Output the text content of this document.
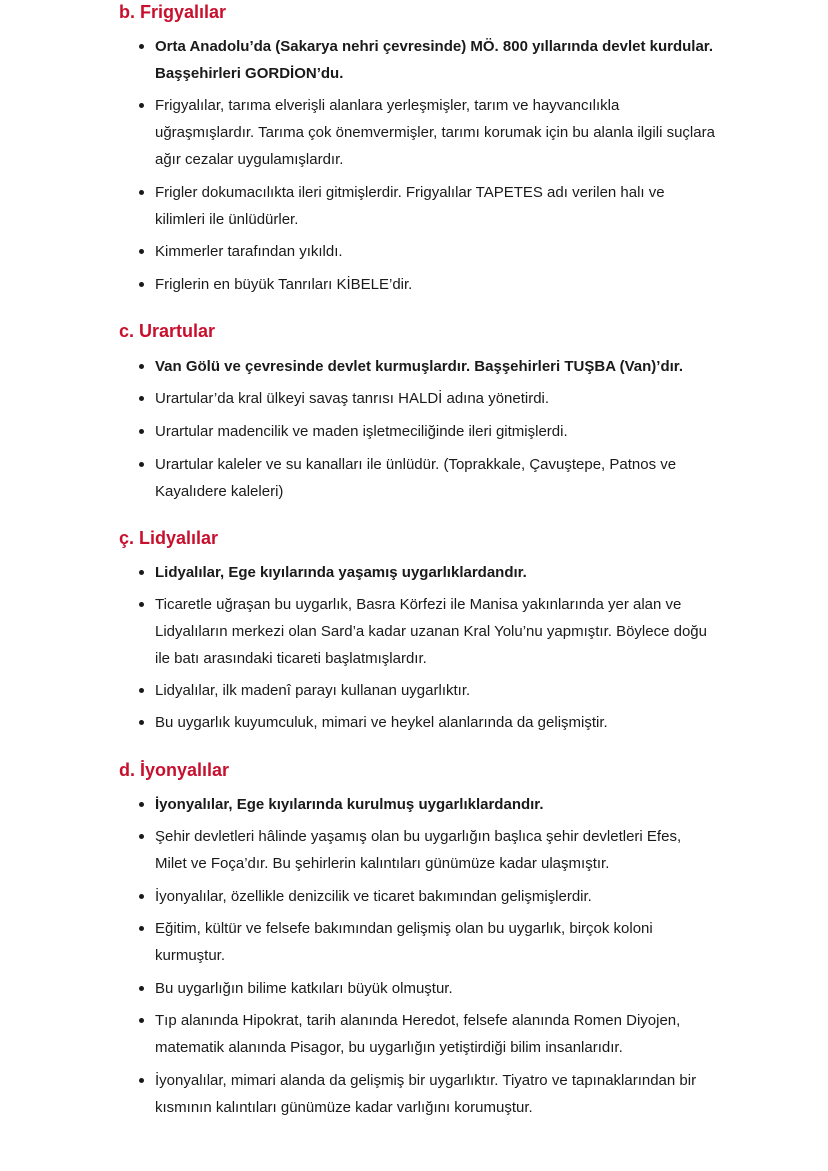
b. Frigyalılar
Orta Anadolu’da (Sakarya nehri çevresinde) MÖ. 800 yıllarında devlet kurdular. Başşehirleri GORDİON’du.
Frigyalılar, tarıma elverişli alanlara yerleşmişler, tarım ve hayvancılıkla uğraşmışlardır. Tarıma çok önemvermişler, tarımı korumak için bu alanla ilgili suçlara ağır cezalar uygulamışlardır.
Frigler dokumacılıkta ileri gitmişlerdir. Frigyalılar TAPETES adı verilen halı ve kilimleri ile ünlüdürler.
Kimmerler tarafından yıkıldı.
Friglerin en büyük Tanrıları KİBELE’dir.
c. Urartular
Van Gölü ve çevresinde devlet kurmuşlardır. Başşehirleri TUŞBA (Van)’dır.
Urartular’da kral ülkeyi savaş tanrısı HALDİ adına yönetirdi.
Urartular madencilik ve maden işletmeciliğinde ileri gitmişlerdi.
Urartular kaleler ve su kanalları ile ünlüdür. (Toprakkale, Çavuştepe, Patnos ve Kayalıdere kaleleri)
ç. Lidyalılar
Lidyalılar, Ege kıyılarında yaşamış uygarlıklardandır.
Ticaretle uğraşan bu uygarlık, Basra Körfezi ile Manisa yakınlarında yer alan ve Lidyalıların merkezi olan Sard’a kadar uzanan Kral Yolu’nu yapmıştır. Böylece doğu ile batı arasındaki ticareti başlatmışlardır.
Lidyalılar, ilk madenî parayı kullanan uygarlıktır.
Bu uygarlık kuyumculuk, mimari ve heykel alanlarında da gelişmiştir.
d. İyonyalılar
İyonyalılar, Ege kıyılarında kurulmuş uygarlıklardandır.
Şehir devletleri hâlinde yaşamış olan bu uygarlığın başlıca şehir devletleri Efes, Milet ve Foça’dır. Bu şehirlerin kalıntıları günümüze kadar ulaşmıştır.
İyonyalılar, özellikle denizcilik ve ticaret bakımından gelişmişlerdir.
Eğitim, kültür ve felsefe bakımından gelişmiş olan bu uygarlık, birçok koloni kurmuştur.
Bu uygarlığın bilime katkıları büyük olmuştur.
Tıp alanında Hipokrat, tarih alanında Heredot, felsefe alanında Romen Diyojen, matematik alanında Pisagor, bu uygarlığın yetiştirdiği bilim insanlarıdır.
İyonyalılar, mimari alanda da gelişmiş bir uygarlıktır. Tiyatro ve tapınaklarından bir kısmının kalıntıları günümüze kadar varlığını korumuştur.
